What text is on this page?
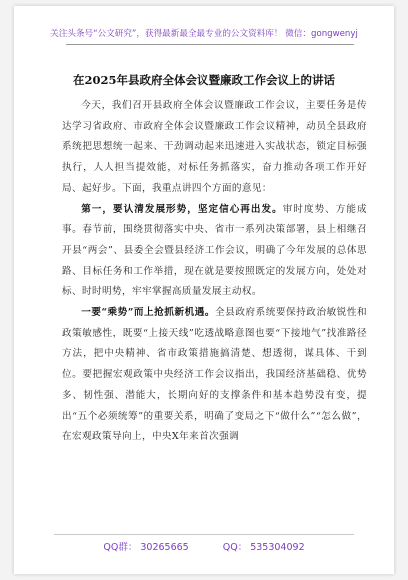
关注头条号“公文研究”，获得最新最全最专业的公文资料库！ 微信：gongwenyj
在2025年县政府全体会议暨廉政工作会议上的讲话

今天，我们召开县政府全体会议暨廉政工作会议，主要任务是传达学习省政府、市政府全体会议暨廉政工作会议精神，动员全县政府系统把思想统一起来、干劲调动起来迅速进入实战状态，锁定目标强执行，人人担当提效能，对标任务抓落实，奋力推动各项工作开好局、起好步。下面，我重点讲四个方面的意见：

第一，要认清发展形势，坚定信心再出发。审时度势、方能成事。春节前，围绕贯彻落实中央、省市一系列决策部署，县上相继召开县“两会”、县委全会暨县经济工作会议，明确了今年发展的总体思路、目标任务和工作举措，现在就是要按照既定的发展方向，处处对标、时时明势，牢牢掌握高质量发展主动权。

一要“乘势”而上抢抓新机遇。全县政府系统要保持政治敏锐性和政策敏感性，既要“上接天线”吃透战略意图也要“下接地气”找准路径方法，把中央精神、省市政策措施搞清楚、想透彻，谋具体、干到位。要把握宏观政策中央经济工作会议指出，我国经济基础稳、优势多、韧性强、潜能大，长期向好的支撑条件和基本趋势没有变，提出“五个必须统筹”的重要关系，明确了变局之下“做什么”“怎么做”，在宏观政策导向上，中央X年来首次强调

QQ群： 30265665	QQ： 535304092
